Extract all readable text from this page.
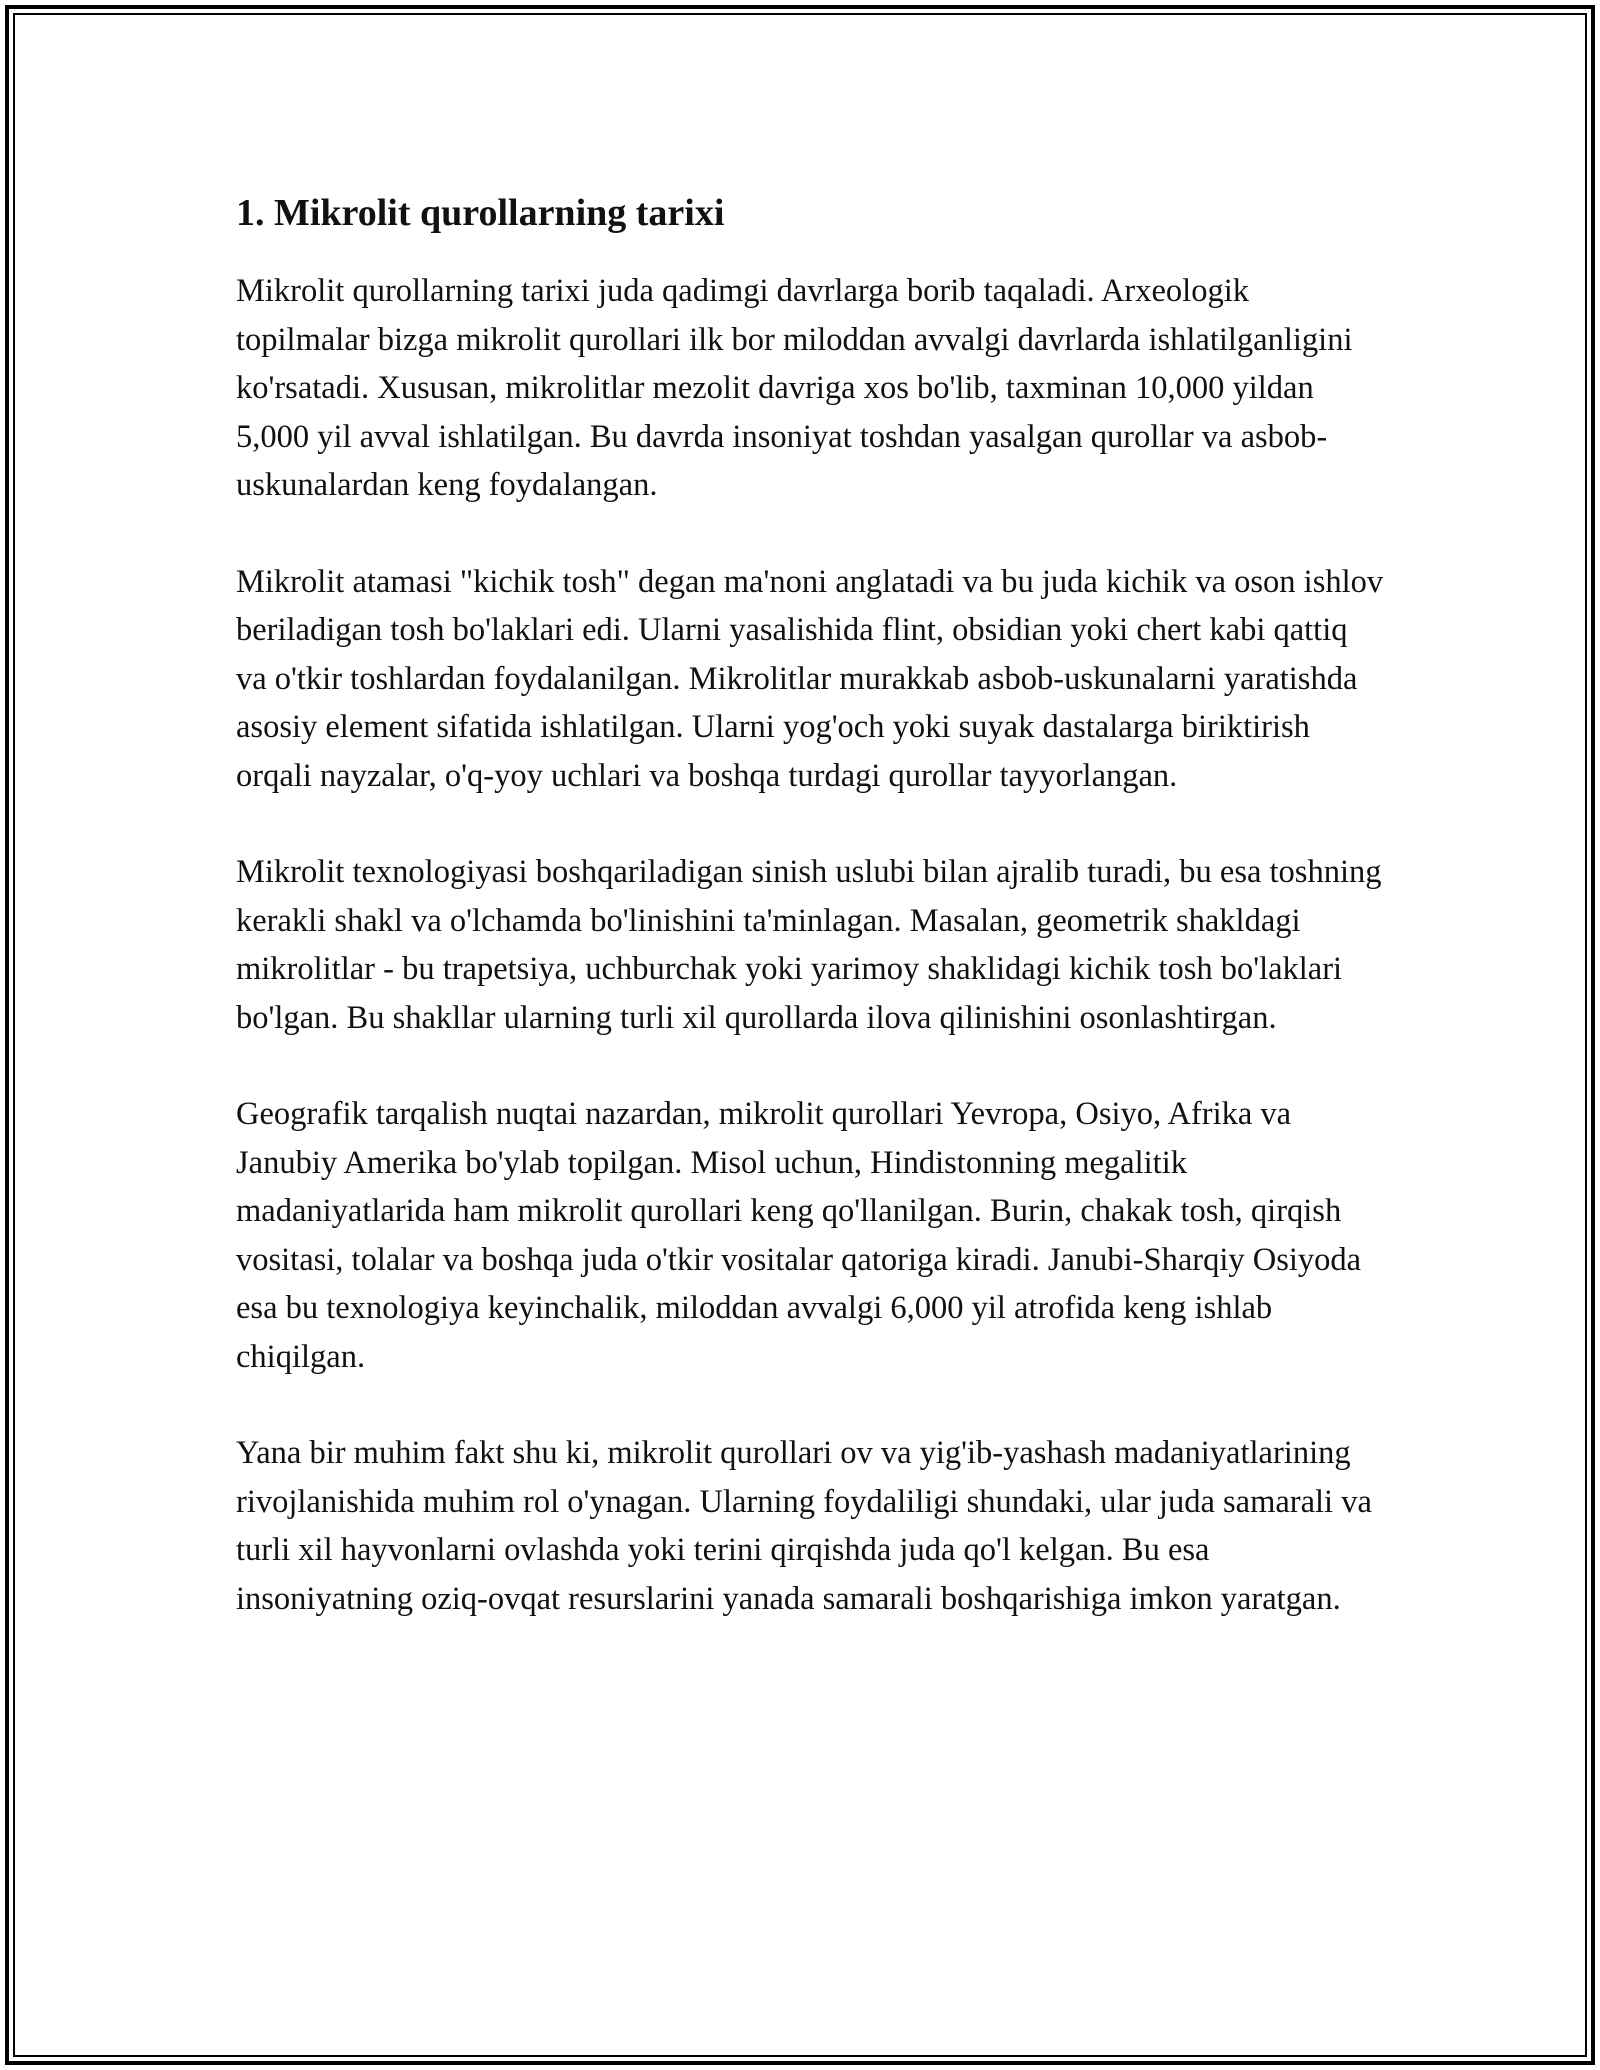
1. Mikrolit qurollarning tarixi

Mikrolit qurollarning tarixi juda qadimgi davrlarga borib taqaladi. Arxeologik topilmalar bizga mikrolit qurollari ilk bor miloddan avvalgi davrlarda ishlatilganligini ko'rsatadi. Xususan, mikrolitlar mezolit davriga xos bo'lib, taxminan 10,000 yildan 5,000 yil avval ishlatilgan. Bu davrda insoniyat toshdan yasalgan qurollar va asbob-uskunalardan keng foydalangan.

Mikrolit atamasi "kichik tosh" degan ma'noni anglatadi va bu juda kichik va oson ishlov beriladigan tosh bo'laklari edi. Ularni yasalishida flint, obsidian yoki chert kabi qattiq va o'tkir toshlardan foydalanilgan. Mikrolitlar murakkab asbob-uskunalarni yaratishda asosiy element sifatida ishlatilgan. Ularni yog'och yoki suyak dastalarga biriktirish orqali nayzalar, o'q-yoy uchlari va boshqa turdagi qurollar tayyorlangan.

Mikrolit texnologiyasi boshqariladigan sinish uslubi bilan ajralib turadi, bu esa toshning kerakli shakl va o'lchamda bo'linishini ta'minlagan. Masalan, geometrik shakldagi mikrolitlar - bu trapetsiya, uchburchak yoki yarimoy shaklidagi kichik tosh bo'laklari bo'lgan. Bu shakllar ularning turli xil qurollarda ilova qilinishini osonlashtirgan.

Geografik tarqalish nuqtai nazardan, mikrolit qurollari Yevropa, Osiyo, Afrika va Janubiy Amerika bo'ylab topilgan. Misol uchun, Hindistonning megalitik madaniyatlarida ham mikrolit qurollari keng qo'llanilgan. Burin, chakak tosh, qirqish vositasi, tolalar va boshqa juda o'tkir vositalar qatoriga kiradi. Janubi-Sharqiy Osiyoda esa bu texnologiya keyinchalik, miloddan avvalgi 6,000 yil atrofida keng ishlab chiqilgan.

Yana bir muhim fakt shu ki, mikrolit qurollari ov va yig'ib-yashash madaniyatlarining rivojlanishida muhim rol o'ynagan. Ularning foydaliligi shundaki, ular juda samarali va turli xil hayvonlarni ovlashda yoki terini qirqishda juda qo'l kelgan. Bu esa insoniyatning oziq-ovqat resurslarini yanada samarali boshqarishiga imkon yaratgan.
